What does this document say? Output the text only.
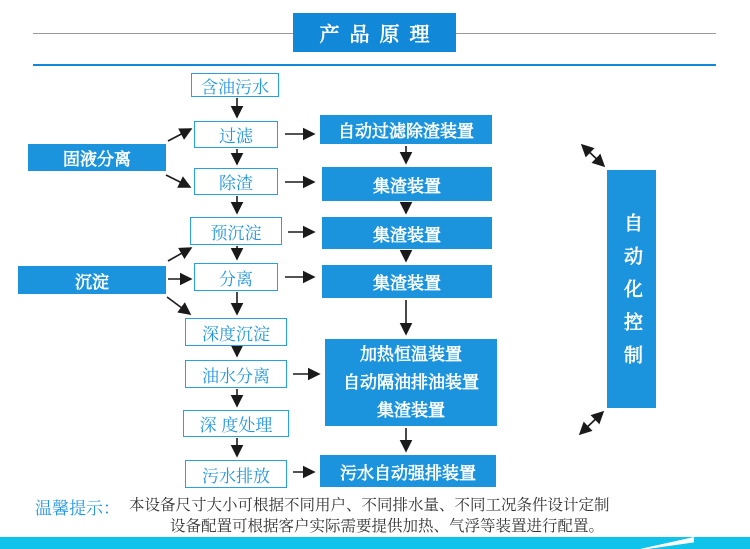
产品原理
含油污水
过滤
除渣
预沉淀
分离
深度沉淀
油水分离
深 度处理
污水排放
固液分离
沉淀
自动过滤除渣装置
集渣装置
集渣装置
集渣装置
加热恒温装置
自动隔油排油装置
集渣装置
污水自动强排装置
自动化控制
温馨提示： 本设备尺寸大小可根据不同用户、不同排水量、不同工况条件设计定制
设备配置可根据客户实际需要提供加热、气浮等装置进行配置。
